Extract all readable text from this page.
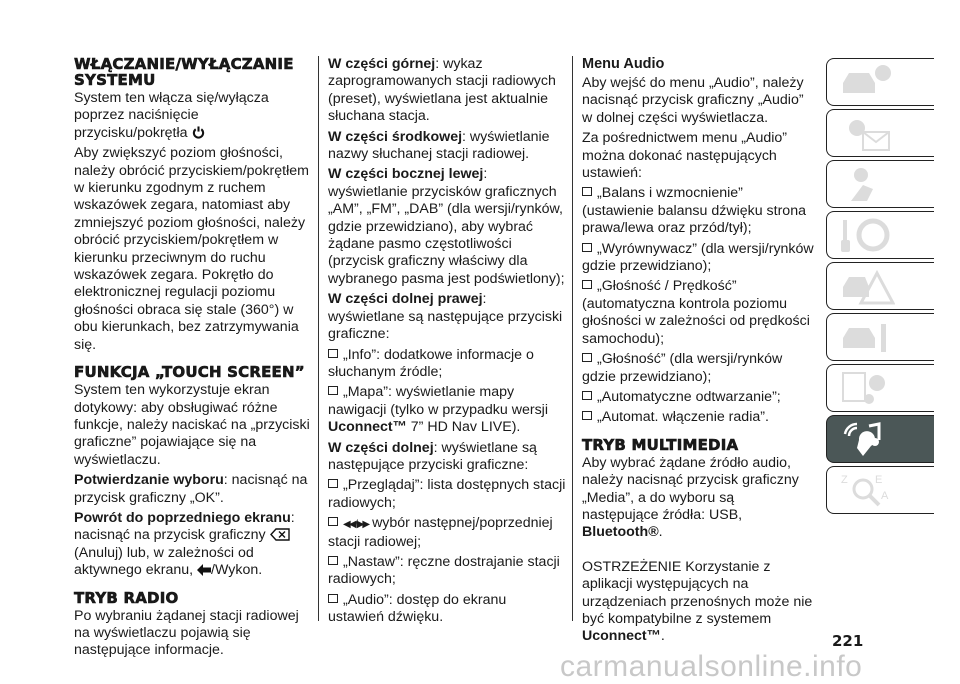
WŁĄCZANIE/WYŁĄCZANIE SYSTEMU

System ten włącza się/wyłącza poprzez naciśnięcie przycisku/pokrętła

Aby zwiększyć poziom głośności, należy obrócić przyciskiem/pokrętłem w kierunku zgodnym z ruchem wskazówek zegara, natomiast aby zmniejszyć poziom głośności, należy obrócić przyciskiem/pokrętłem w kierunku przeciwnym do ruchu wskazówek zegara. Pokrętło do elektronicznej regulacji poziomu głośności obraca się stale (360°) w obu kierunkach, bez zatrzymywania się.

FUNKCJA „TOUCH SCREEN”

System ten wykorzystuje ekran dotykowy: aby obsługiwać różne funkcje, należy naciskać na „przyciski graficzne” pojawiające się na wyświetlaczu.

Potwierdzanie wyboru: nacisnąć na przycisk graficzny „OK”.

Powrót do poprzedniego ekranu: nacisnąć na przycisk graficzny  (Anuluj) lub, w zależności od aktywnego ekranu, /Wykon.

TRYB RADIO

Po wybraniu żądanej stacji radiowej na wyświetlaczu pojawią się następujące informacje.

W części górnej: wykaz zaprogramowanych stacji radiowych (preset), wyświetlana jest aktualnie słuchana stacja.

W części środkowej: wyświetlanie nazwy słuchanej stacji radiowej.

W części bocznej lewej: wyświetlanie przycisków graficznych „AM”, „FM”, „DAB” (dla wersji/rynków, gdzie przewidziano), aby wybrać żądane pasmo częstotliwości (przycisk graficzny właściwy dla wybranego pasma jest podświetlony);

W części dolnej prawej: wyświetlane są następujące przyciski graficzne:

„Info”: dodatkowe informacje o słuchanym źródle;

„Mapa”: wyświetlanie mapy nawigacji (tylko w przypadku wersji Uconnect™ 7” HD Nav LIVE).

W części dolnej: wyświetlane są następujące przyciski graficzne:

„Przeglądaj”: lista dostępnych stacji radiowych;

◀◀ / ▶▶ wybór następnej/poprzedniej stacji radiowej;

„Nastaw”: ręczne dostrajanie stacji radiowych;

„Audio”: dostęp do ekranu ustawień dźwięku.

Menu Audio

Aby wejść do menu „Audio”, należy nacisnąć przycisk graficzny „Audio” w dolnej części wyświetlacza.

Za pośrednictwem menu „Audio” można dokonać następujących ustawień:

„Balans i wzmocnienie” (ustawienie balansu dźwięku strona prawa/lewa oraz przód/tył);

„Wyrównywacz” (dla wersji/rynków gdzie przewidziano);

„Głośność / Prędkość” (automatyczna kontrola poziomu głośności w zależności od prędkości samochodu);

„Głośność” (dla wersji/rynków gdzie przewidziano);

„Automatyczne odtwarzanie”;

„Automat. włączenie radia”.

TRYB MULTIMEDIA

Aby wybrać żądane źródło audio, należy nacisnąć przycisk graficzny „Media”, a do wyboru są następujące źródła: USB, Bluetooth®.

OSTRZEŻENIE Korzystanie z aplikacji występujących na urządzeniach przenośnych może nie być kompatybilne z systemem Uconnect™.

Z E
A
221
carmanualsonline.info
